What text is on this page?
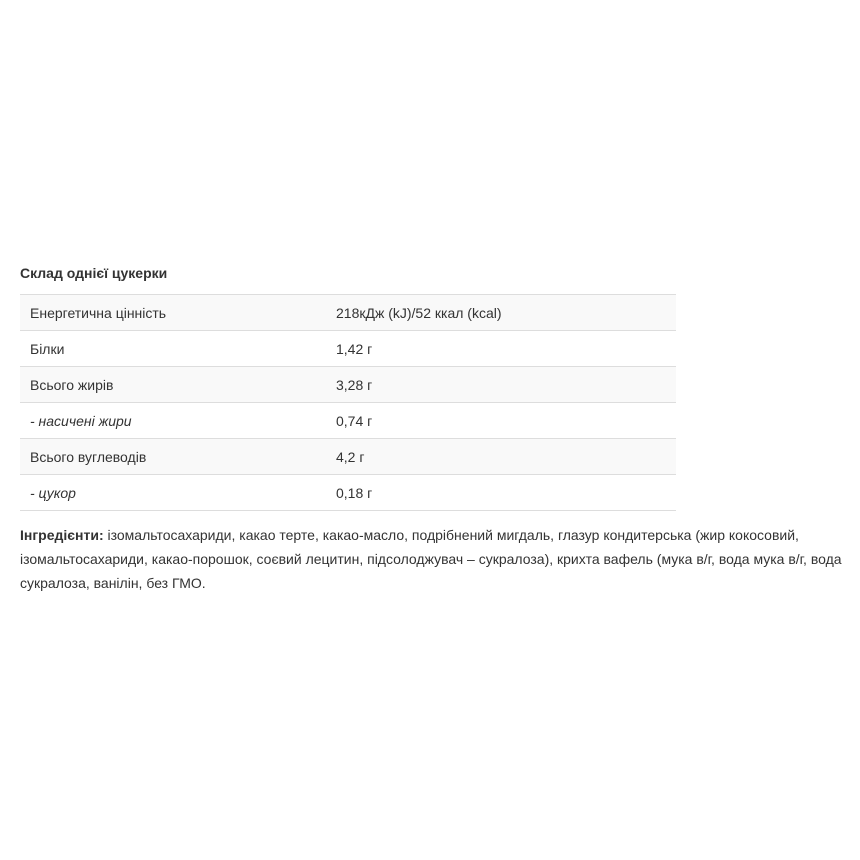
Склад однієї цукерки
Енергетична цінність	218кДж (kJ)/52 ккал (kcal)
Білки	1,42 г
Всього жирів	3,28 г
- насичені жири	0,74 г
Всього вуглеводів	4,2 г
- цукор	0,18 г
Інгредієнти: ізомальтосахариди, какао терте, какао-масло, подрібнений мигдаль, глазур кондитерська (жир кокосовий, ізомальтосахариди, какао-порошок, соєвий лецитин, підсолоджувач – сукралоза), крихта вафель (мука в/г, вода мука в/г, вода сукралоза, ванілін, без ГМО.
